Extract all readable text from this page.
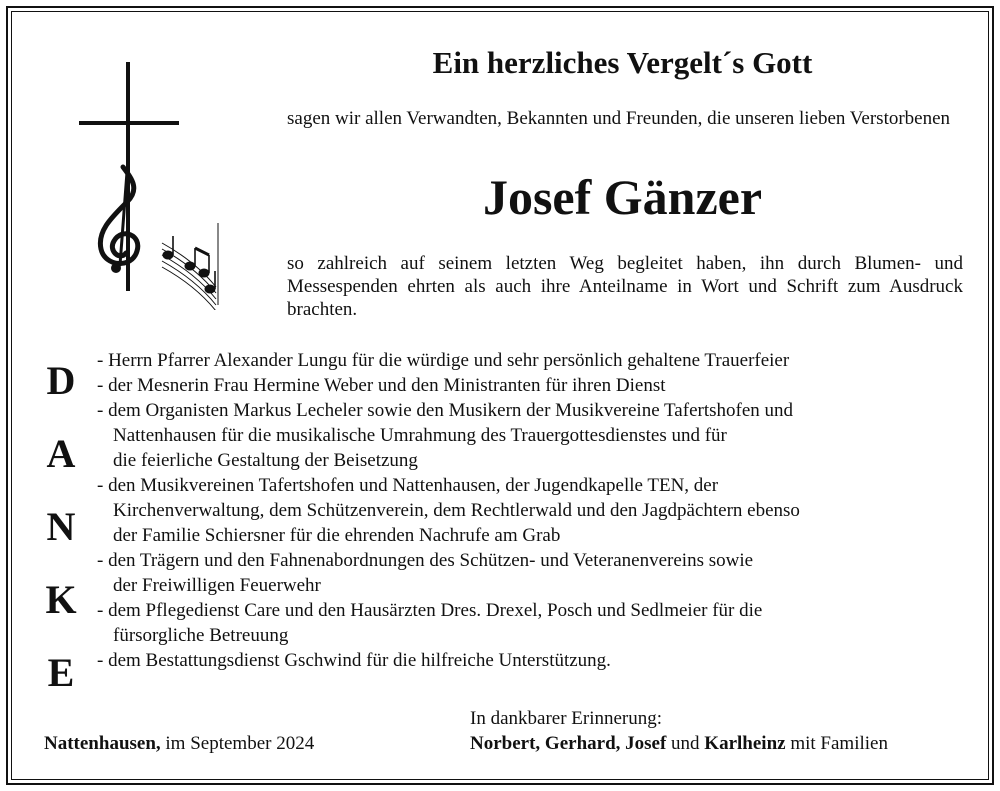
Ein herzliches Vergelt´s Gott
sagen wir allen Verwandten, Bekannten und Freunden, die unseren lieben Verstorbenen
Josef Gänzer
so zahlreich auf seinem letzten Weg begleitet haben, ihn durch Blumen- und Messespenden ehrten als auch ihre Anteilname in Wort und Schrift zum Ausdruck brachten.
D
A
N
K
E
- Herrn Pfarrer Alexander Lungu für die würdige und sehr persönlich gehaltene Trauerfeier
- der Mesnerin Frau Hermine Weber und den Ministranten für ihren Dienst
- dem Organisten Markus Lecheler sowie den Musikern der Musikvereine Tafertshofen und
Nattenhausen für die musikalische Umrahmung des Trauergottesdienstes und für
die feierliche Gestaltung der Beisetzung
- den Musikvereinen Tafertshofen und Nattenhausen, der Jugendkapelle TEN, der
Kirchenverwaltung, dem Schützenverein, dem Rechtlerwald und den Jagdpächtern ebenso
der Familie Schiersner für die ehrenden Nachrufe am Grab
- den Trägern und den Fahnenabordnungen des Schützen- und Veteranenvereins sowie
der Freiwilligen Feuerwehr
- dem Pflegedienst Care und den Hausärzten Dres. Drexel, Posch und Sedlmeier für die
fürsorgliche Betreuung
- dem Bestattungsdienst Gschwind für die hilfreiche Unterstützung.
Nattenhausen, im September 2024
In dankbarer Erinnerung:
Norbert, Gerhard, Josef und Karlheinz mit Familien
